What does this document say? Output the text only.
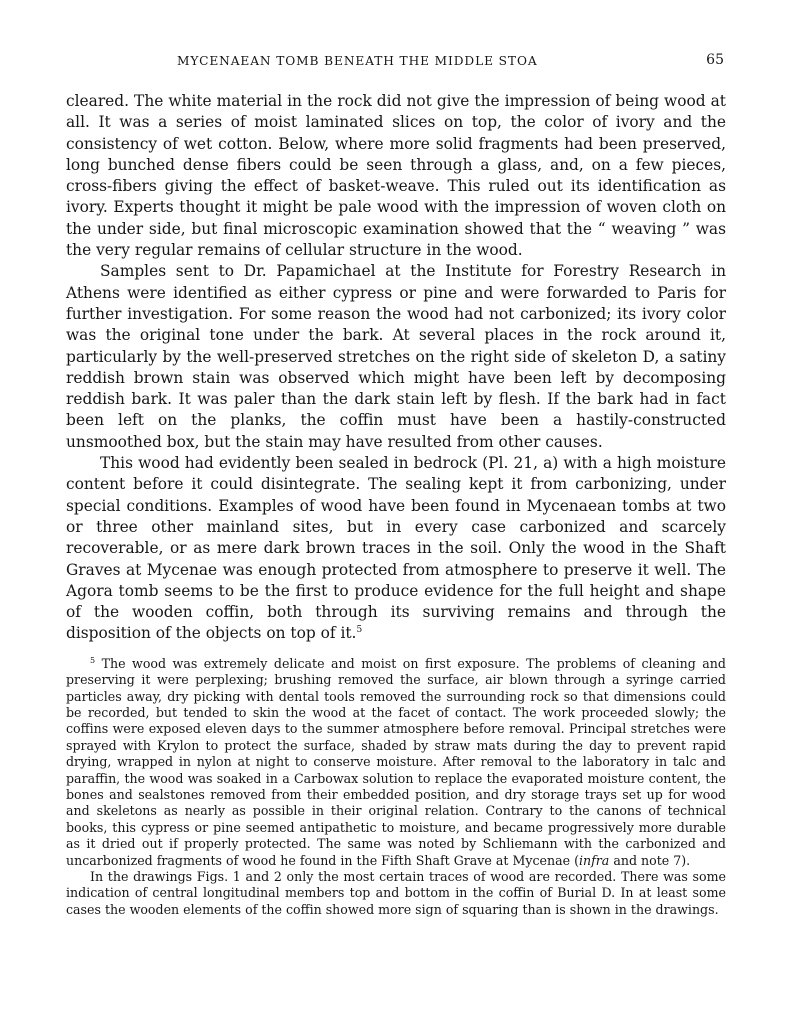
MYCENAEAN TOMB BENEATH THE MIDDLE STOA	65

cleared. The white material in the rock did not give the impression of being wood at all. It was a series of moist laminated slices on top, the color of ivory and the consistency of wet cotton. Below, where more solid fragments had been preserved, long bunched dense fibers could be seen through a glass, and, on a few pieces, cross-fibers giving the effect of basket-weave. This ruled out its identification as ivory. Experts thought it might be pale wood with the impression of woven cloth on the under side, but final microscopic examination showed that the “ weaving ” was the very regular remains of cellular structure in the wood.

Samples sent to Dr. Papamichael at the Institute for Forestry Research in Athens were identified as either cypress or pine and were forwarded to Paris for further investigation. For some reason the wood had not carbonized; its ivory color was the original tone under the bark. At several places in the rock around it, particularly by the well-preserved stretches on the right side of skeleton D, a satiny reddish brown stain was observed which might have been left by decomposing reddish bark. It was paler than the dark stain left by flesh. If the bark had in fact been left on the planks, the coffin must have been a hastily-constructed unsmoothed box, but the stain may have resulted from other causes.

This wood had evidently been sealed in bedrock (Pl. 21, a) with a high moisture content before it could disintegrate. The sealing kept it from carbonizing, under special conditions. Examples of wood have been found in Mycenaean tombs at two or three other mainland sites, but in every case carbonized and scarcely recoverable, or as mere dark brown traces in the soil. Only the wood in the Shaft Graves at Mycenae was enough protected from atmosphere to preserve it well. The Agora tomb seems to be the first to produce evidence for the full height and shape of the wooden coffin, both through its surviving remains and through the disposition of the objects on top of it.$^5$

$^5$ The wood was extremely delicate and moist on first exposure. The problems of cleaning and preserving it were perplexing; brushing removed the surface, air blown through a syringe carried particles away, dry picking with dental tools removed the surrounding rock so that dimensions could be recorded, but tended to skin the wood at the facet of contact. The work proceeded slowly; the coffins were exposed eleven days to the summer atmosphere before removal. Principal stretches were sprayed with Krylon to protect the surface, shaded by straw mats during the day to prevent rapid drying, wrapped in nylon at night to conserve moisture. After removal to the laboratory in talc and paraffin, the wood was soaked in a Carbowax solution to replace the evaporated moisture content, the bones and sealstones removed from their embedded position, and dry storage trays set up for wood and skeletons as nearly as possible in their original relation. Contrary to the canons of technical books, this cypress or pine seemed antipathetic to moisture, and became progressively more durable as it dried out if properly protected. The same was noted by Schliemann with the carbonized and uncarbonized fragments of wood he found in the Fifth Shaft Grave at Mycenae (infra and note 7).

In the drawings Figs. 1 and 2 only the most certain traces of wood are recorded. There was some indication of central longitudinal members top and bottom in the coffin of Burial D. In at least some cases the wooden elements of the coffin showed more sign of squaring than is shown in the drawings.
